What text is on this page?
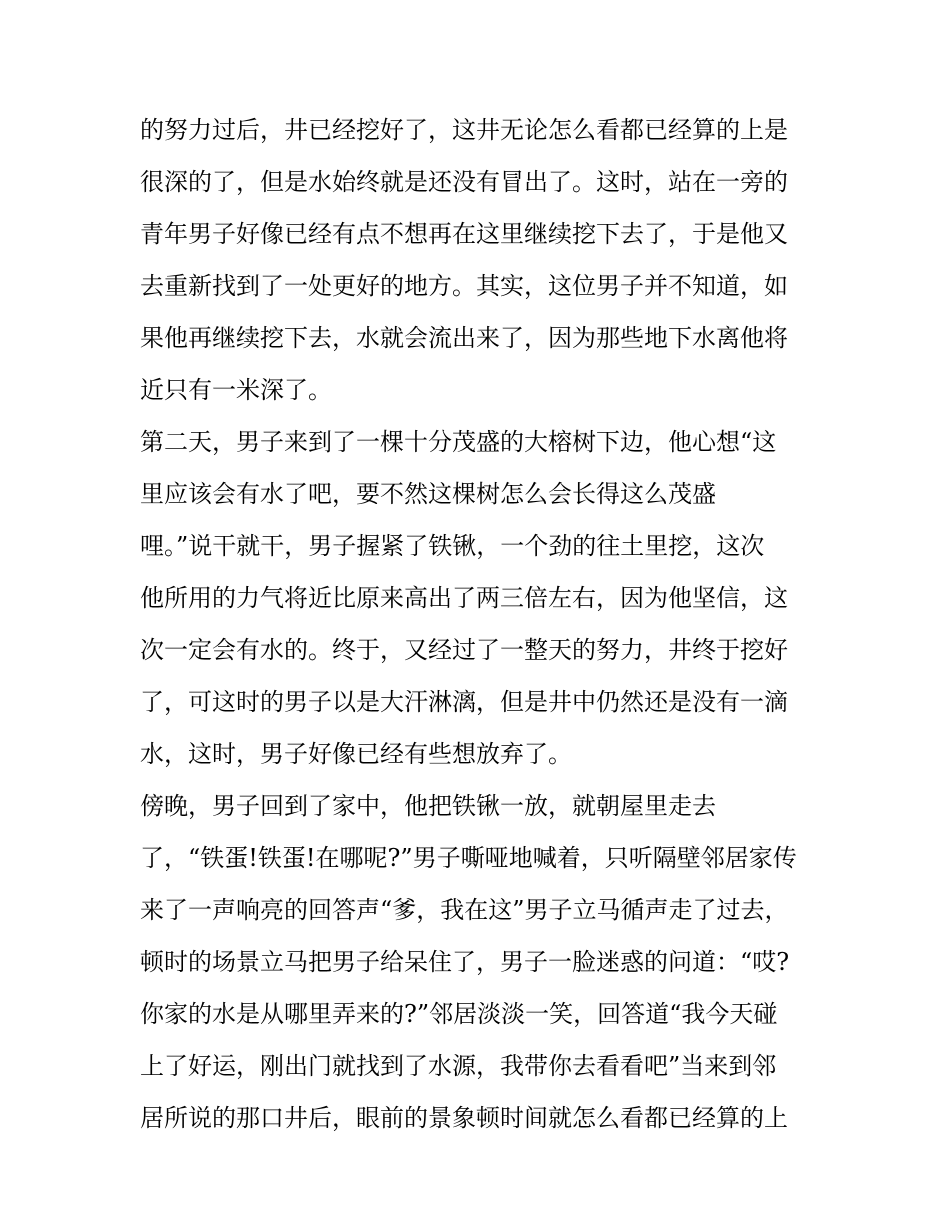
的努力过后，井已经挖好了，这井无论怎么看都已经算的上是
很深的了，但是水始终就是还没有冒出了。这时，站在一旁的
青年男子好像已经有点不想再在这里继续挖下去了，于是他又
去重新找到了一处更好的地方。其实，这位男子并不知道，如
果他再继续挖下去，水就会流出来了，因为那些地下水离他将
近只有一米深了。
第二天，男子来到了一棵十分茂盛的大榕树下边，他心想“这
里应该会有水了吧，要不然这棵树怎么会长得这么茂盛
哩。”说干就干，男子握紧了铁锹，一个劲的往土里挖，这次
他所用的力气将近比原来高出了两三倍左右，因为他坚信，这
次一定会有水的。终于，又经过了一整天的努力，井终于挖好
了，可这时的男子以是大汗淋漓，但是井中仍然还是没有一滴
水，这时，男子好像已经有些想放弃了。
傍晚，男子回到了家中，他把铁锹一放，就朝屋里走去
了，“铁蛋!铁蛋!在哪呢?”男子嘶哑地喊着，只听隔壁邻居家传
来了一声响亮的回答声“爹，我在这”男子立马循声走了过去，
顿时的场景立马把男子给呆住了，男子一脸迷惑的问道：“哎?
你家的水是从哪里弄来的?”邻居淡淡一笑，回答道“我今天碰
上了好运，刚出门就找到了水源，我带你去看看吧”当来到邻
居所说的那口井后，眼前的景象顿时间就怎么看都已经算的上
